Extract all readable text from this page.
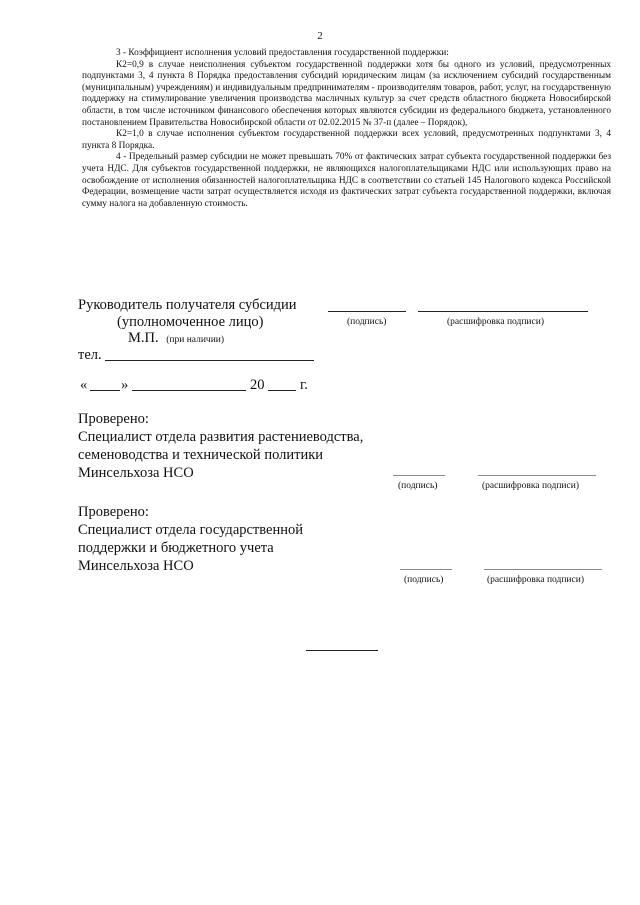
2

3 - Коэффициент исполнения условий предоставления государственной поддержки:

К2=0,9 в случае неисполнения субъектом государственной поддержки хотя бы одного из условий, предусмотренных подпунктами 3, 4 пункта 8 Порядка предоставления субсидий юридическим лицам (за исключением субсидий государственным (муниципальным) учреждениям) и индивидуальным предпринимателям - производителям товаров, работ, услуг, на государственную поддержку на стимулирование увеличения производства масличных культур за счет средств областного бюджета Новосибирской области, в том числе источником финансового обеспечения которых являются субсидии из федерального бюджета, установленного постановлением Правительства Новосибирской области от 02.02.2015 № 37-п (далее – Порядок),

К2=1,0 в случае исполнения субъектом государственной поддержки всех условий, предусмотренных подпунктами 3, 4 пункта 8 Порядка.

4 - Предельный размер субсидии не может превышать 70% от фактических затрат субъекта государственной поддержки без учета НДС. Для субъектов государственной поддержки, не являющихся налогоплательщиками НДС или использующих право на освобождение от исполнения обязанностей налогоплательщика НДС в соответствии со статьей 145 Налогового кодекса Российской Федерации, возмещение части затрат осуществляется исходя из фактических затрат субъекта государственной поддержки, включая сумму налога на добавленную стоимость.

Руководитель получателя субсидии
(уполномоченное лицо)	(подпись)	(расшифровка подписи)
М.П. (при наличии)
тел.
« »	20 г.
Проверено:
Специалист отдела развития растениеводства,
семеноводства и технической политики
Минсельхоза НСО
(подпись)	(расшифровка подписи)
Проверено:
Специалист отдела государственной
поддержки и бюджетного учета
Минсельхоза НСО
(подпись)	(расшифровка подписи)
